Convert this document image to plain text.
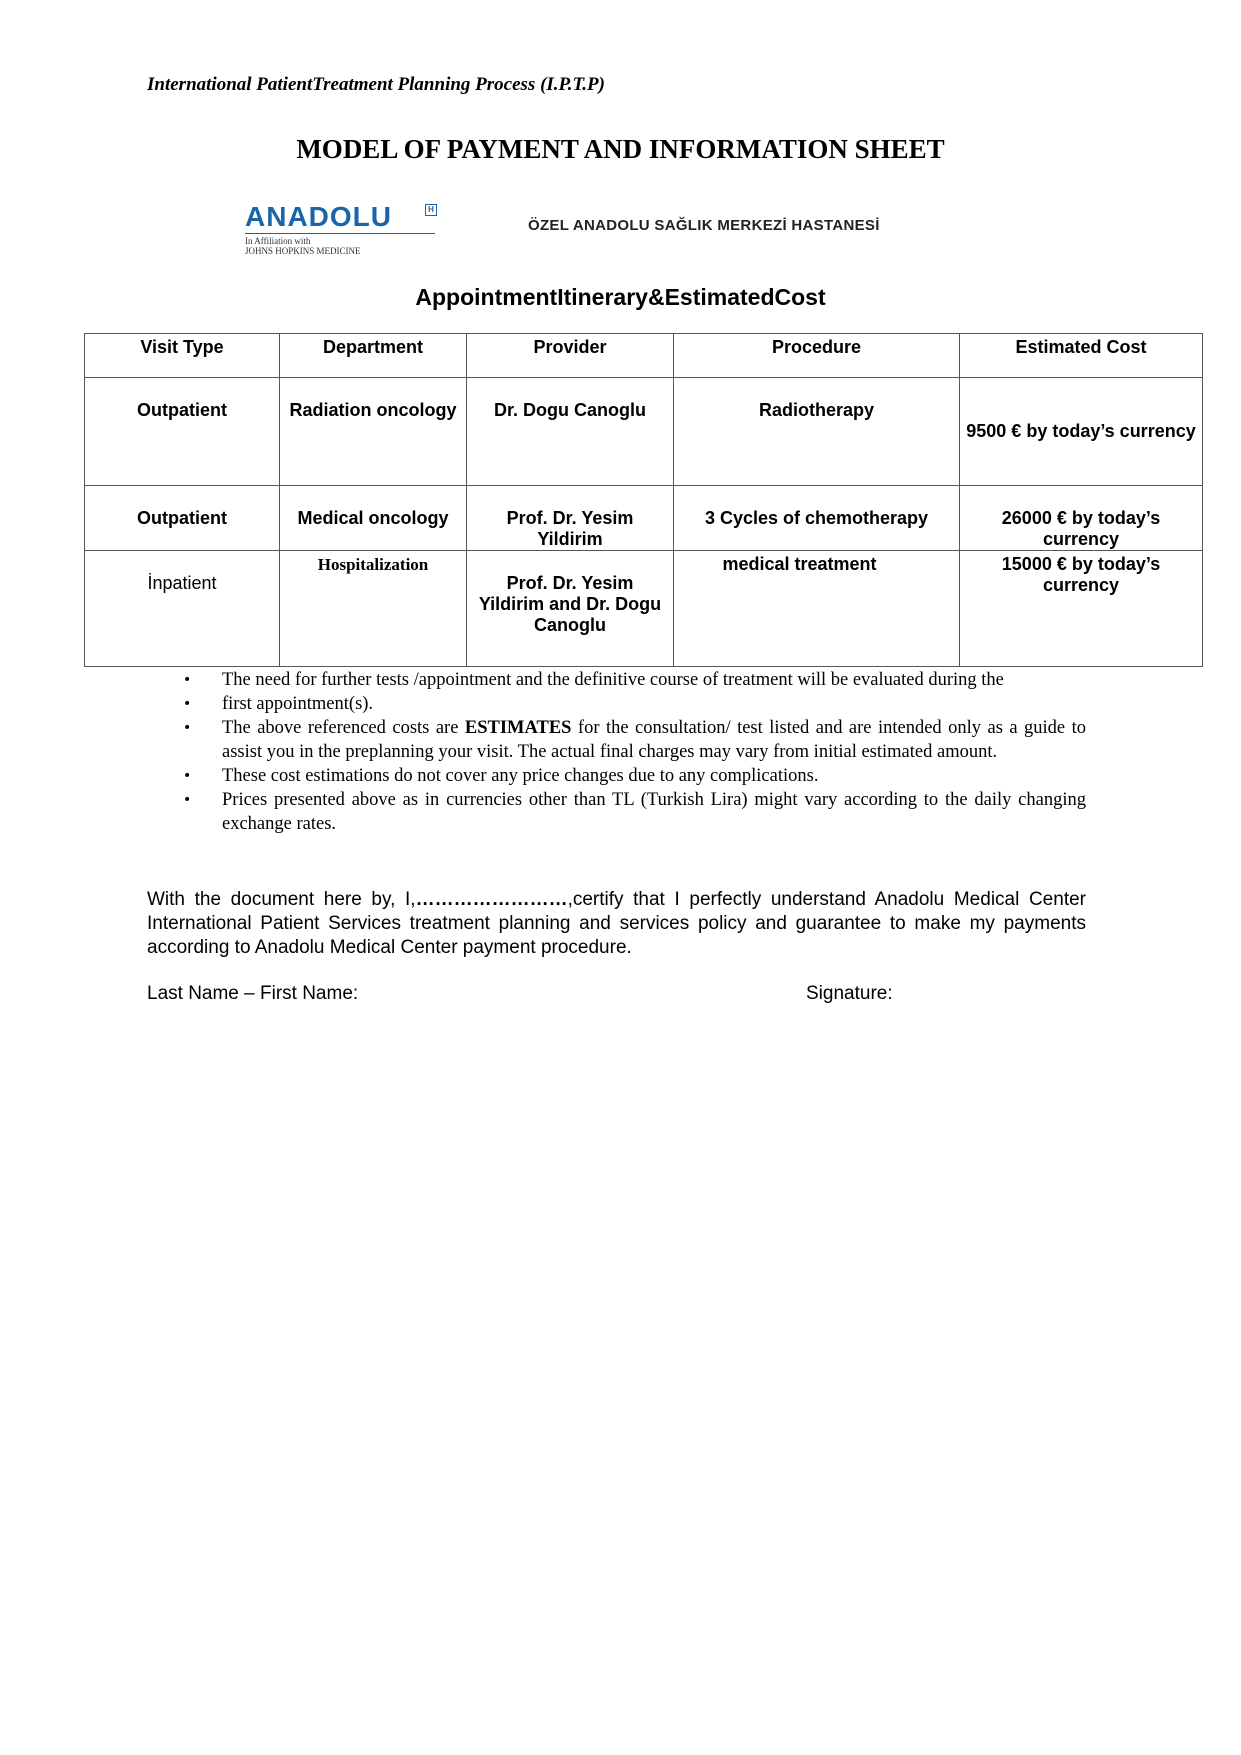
International PatientTreatment Planning Process (I.P.T.P)
MODEL OF PAYMENT AND INFORMATION SHEET
ANADOLU	H
In Affiliation with
JOHNS HOPKINS MEDICINE
ÖZEL ANADOLU SAĞLIK MERKEZİ HASTANESİ
AppointmentItinerary&EstimatedCost
Visit Type	Department	Provider	Procedure	Estimated Cost
Outpatient	Radiation oncology	Dr. Dogu Canoglu	Radiotherapy	9500 € by today’s currency
Outpatient	Medical oncology	Prof. Dr. Yesim Yildirim	3 Cycles of chemotherapy	26000 € by today’s currency
İnpatient	Hospitalization	Prof. Dr. Yesim Yildirim and Dr. Dogu Canoglu	medical treatment	15000 € by today’s currency
• The need for further tests /appointment and the definitive course of treatment will be evaluated during the
• first appointment(s).
• The above referenced costs are ESTIMATES for the consultation/ test listed and are intended only as a guide to assist you in the preplanning your visit. The actual final charges may vary from initial estimated amount.
• These cost estimations do not cover any price changes due to any complications.
• Prices presented above as in currencies other than TL (Turkish Lira) might vary according to the daily changing exchange rates.
With the document here by, I,……………………,certify that I perfectly understand Anadolu Medical Center International Patient Services treatment planning and services policy and guarantee to make my payments according to Anadolu Medical Center payment procedure.
Last Name – First Name:	Signature:
